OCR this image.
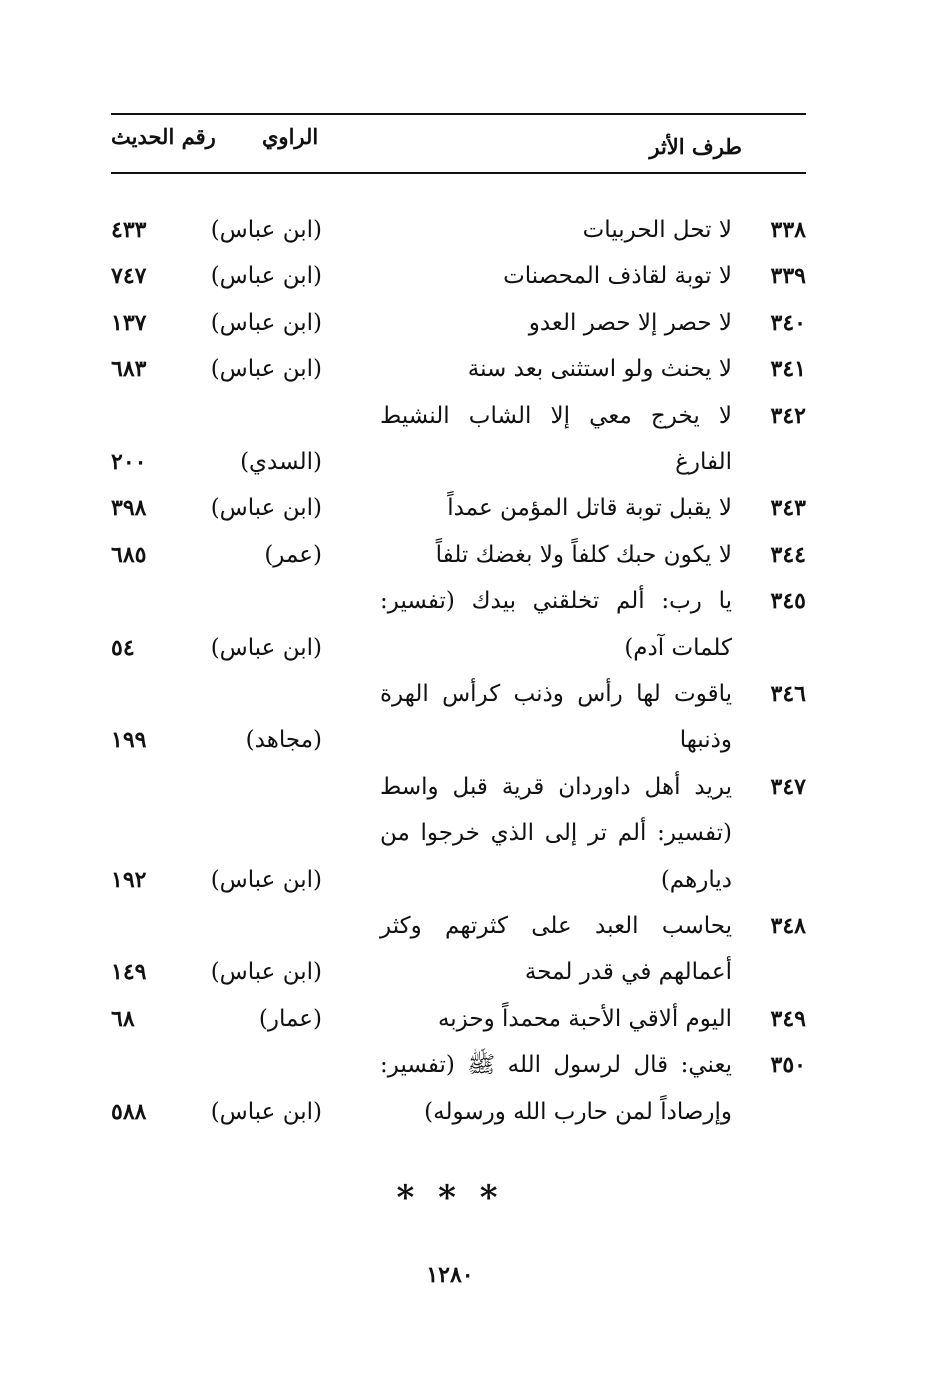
طرف الأثر
الراوي
رقم الحديث
٣٣٨
لا تحل الحربيات
(ابن عباس)
٤٣٣
٣٣٩
لا توبة لقاذف المحصنات
(ابن عباس)
٧٤٧
٣٤٠
لا حصر إلا حصر العدو
(ابن عباس)
١٣٧
٣٤١
لا يحنث ولو استثنى بعد سنة
(ابن عباس)
٦٨٣
٣٤٢
لا يخرج معي إلا الشاب النشيط
الفارغ
(السدي)
٢٠٠
٣٤٣
لا يقبل توبة قاتل المؤمن عمداً
(ابن عباس)
٣٩٨
٣٤٤
لا يكون حبك كلفاً ولا بغضك تلفاً
(عمر)
٦٨٥
٣٤٥
يا رب: ألم تخلقني بيدك (تفسير:
كلمات آدم)
(ابن عباس)
٥٤
٣٤٦
ياقوت لها رأس وذنب كرأس الهرة
وذنبها
(مجاهد)
١٩٩
٣٤٧
يريد أهل داوردان قرية قبل واسط
(تفسير: ألم تر إلى الذي خرجوا من
ديارهم)
(ابن عباس)
١٩٢
٣٤٨
يحاسب العبد على كثرتهم وكثر
أعمالهم في قدر لمحة
(ابن عباس)
١٤٩
٣٤٩
اليوم ألاقي الأحبة محمداً وحزبه
(عمار)
٦٨
٣٥٠
يعني: قال لرسول الله ﷺ (تفسير:
وإرصاداً لمن حارب الله ورسوله)
(ابن عباس)
٥٨٨
* * *
١٢٨٠
